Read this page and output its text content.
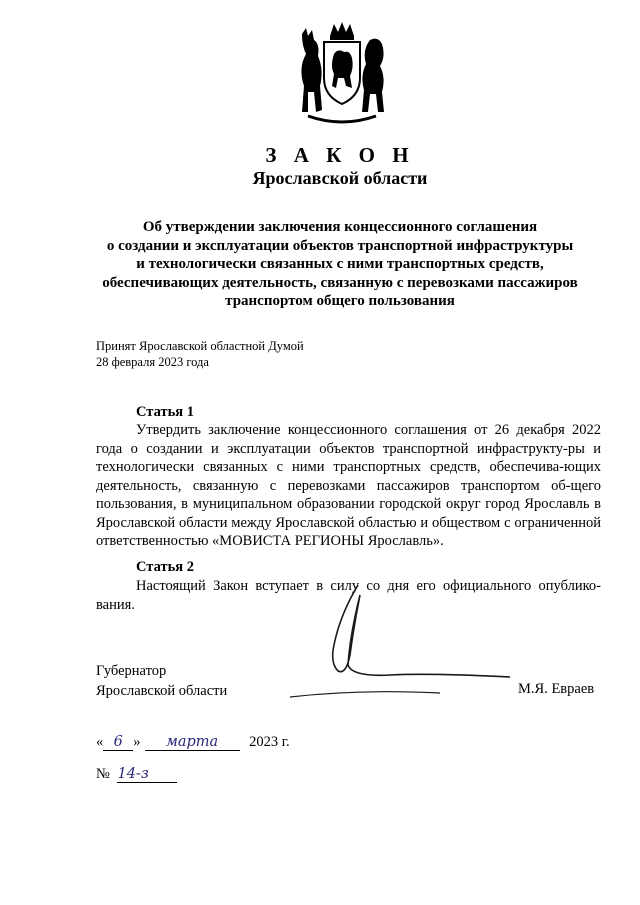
З А К О Н
Ярославской области
Об утверждении заключения концессионного соглашения
о создании и эксплуатации объектов транспортной инфраструктуры
и технологически связанных с ними транспортных средств,
обеспечивающих деятельность, связанную с перевозками пассажиров
транспортом общего пользования
Принят Ярославской областной Думой
28 февраля 2023 года
Статья 1
Утвердить заключение концессионного соглашения от 26 декабря 2022 года о создании и эксплуатации объектов транспортной инфраструкту-ры и технологически связанных с ними транспортных средств, обеспечива-ющих деятельность, связанную с перевозками пассажиров транспортом об-щего пользования, в муниципальном образовании городской округ город Ярославль в Ярославской области между Ярославской областью и обществом с ограниченной ответственностью «МОВИСТА РЕГИОНЫ Ярославль».
Статья 2
Настоящий Закон вступает в силу со дня его официального опублико-вания.
Губернатор
Ярославской области	М.Я. Евраев
« 6 » марта 2023 г.
№ 14-з
